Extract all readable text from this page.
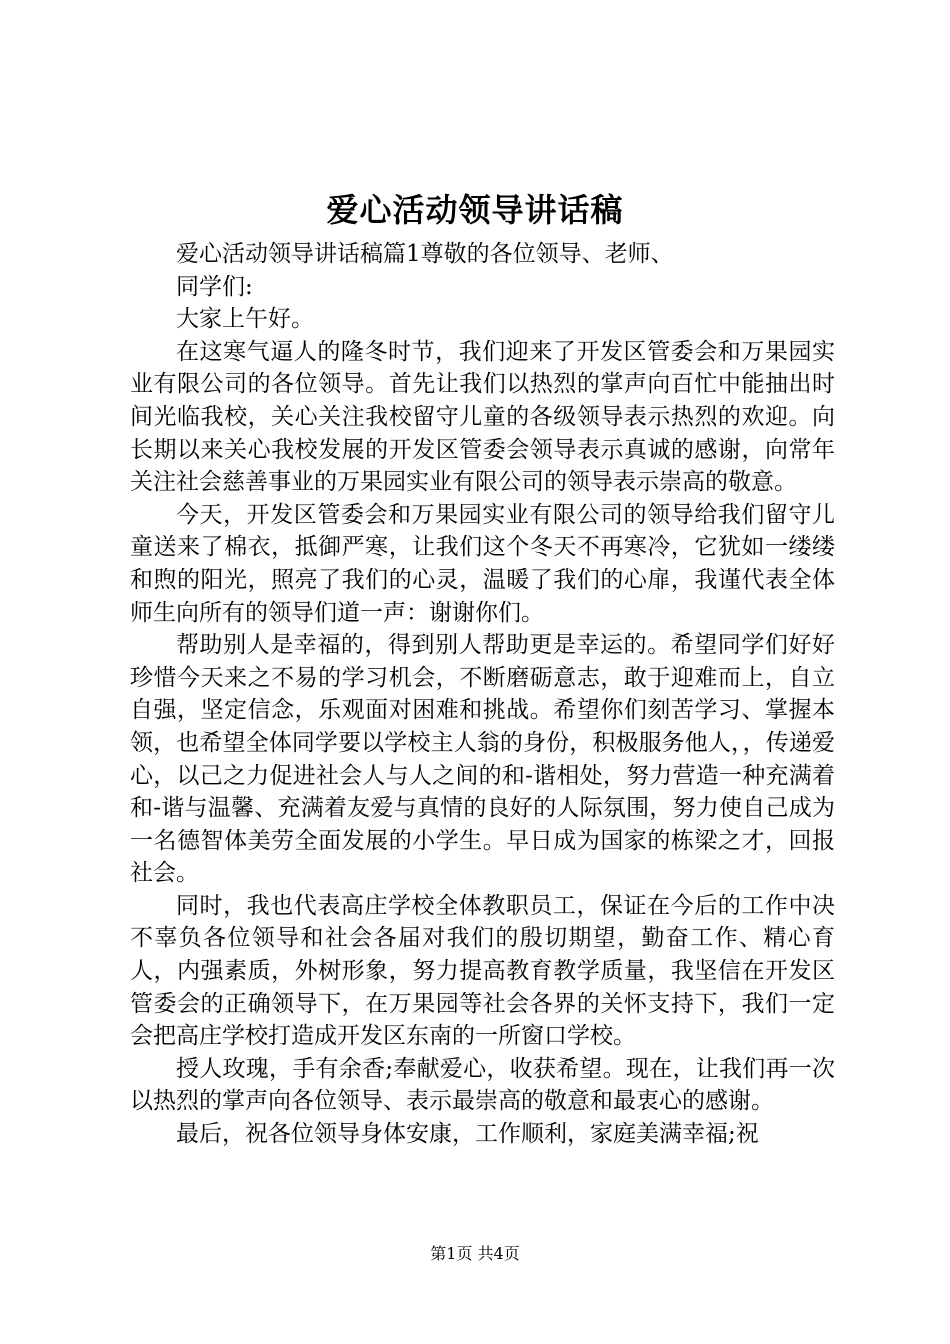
爱心活动领导讲话稿

爱心活动领导讲话稿篇1尊敬的各位领导、老师、

同学们:

大家上午好。

在这寒气逼人的隆冬时节，我们迎来了开发区管委会和万果园实业有限公司的各位领导。首先让我们以热烈的掌声向百忙中能抽出时间光临我校，关心关注我校留守儿童的各级领导表示热烈的欢迎。向长期以来关心我校发展的开发区管委会领导表示真诚的感谢，向常年关注社会慈善事业的万果园实业有限公司的领导表示崇高的敬意。

今天，开发区管委会和万果园实业有限公司的领导给我们留守儿童送来了棉衣，抵御严寒，让我们这个冬天不再寒冷，它犹如一缕缕和煦的阳光，照亮了我们的心灵，温暖了我们的心扉，我谨代表全体师生向所有的领导们道一声：谢谢你们。

帮助别人是幸福的，得到别人帮助更是幸运的。希望同学们好好珍惜今天来之不易的学习机会，不断磨砺意志，敢于迎难而上，自立自强，坚定信念，乐观面对困难和挑战。希望你们刻苦学习、掌握本领，也希望全体同学要以学校主人翁的身份，积极服务他人，，传递爱心，以己之力促进社会人与人之间的和-谐相处，努力营造一种充满着和-谐与温馨、充满着友爱与真情的良好的人际氛围，努力使自己成为一名德智体美劳全面发展的小学生。早日成为国家的栋梁之才，回报社会。

同时，我也代表高庄学校全体教职员工，保证在今后的工作中决不辜负各位领导和社会各届对我们的殷切期望，勤奋工作、精心育人，内强素质，外树形象，努力提高教育教学质量，我坚信在开发区管委会的正确领导下，在万果园等社会各界的关怀支持下，我们一定会把高庄学校打造成开发区东南的一所窗口学校。

授人玫瑰，手有余香;奉献爱心，收获希望。现在，让我们再一次以热烈的掌声向各位领导、表示最崇高的敬意和最衷心的感谢。

最后，祝各位领导身体安康，工作顺利，家庭美满幸福;祝

第1页 共4页
